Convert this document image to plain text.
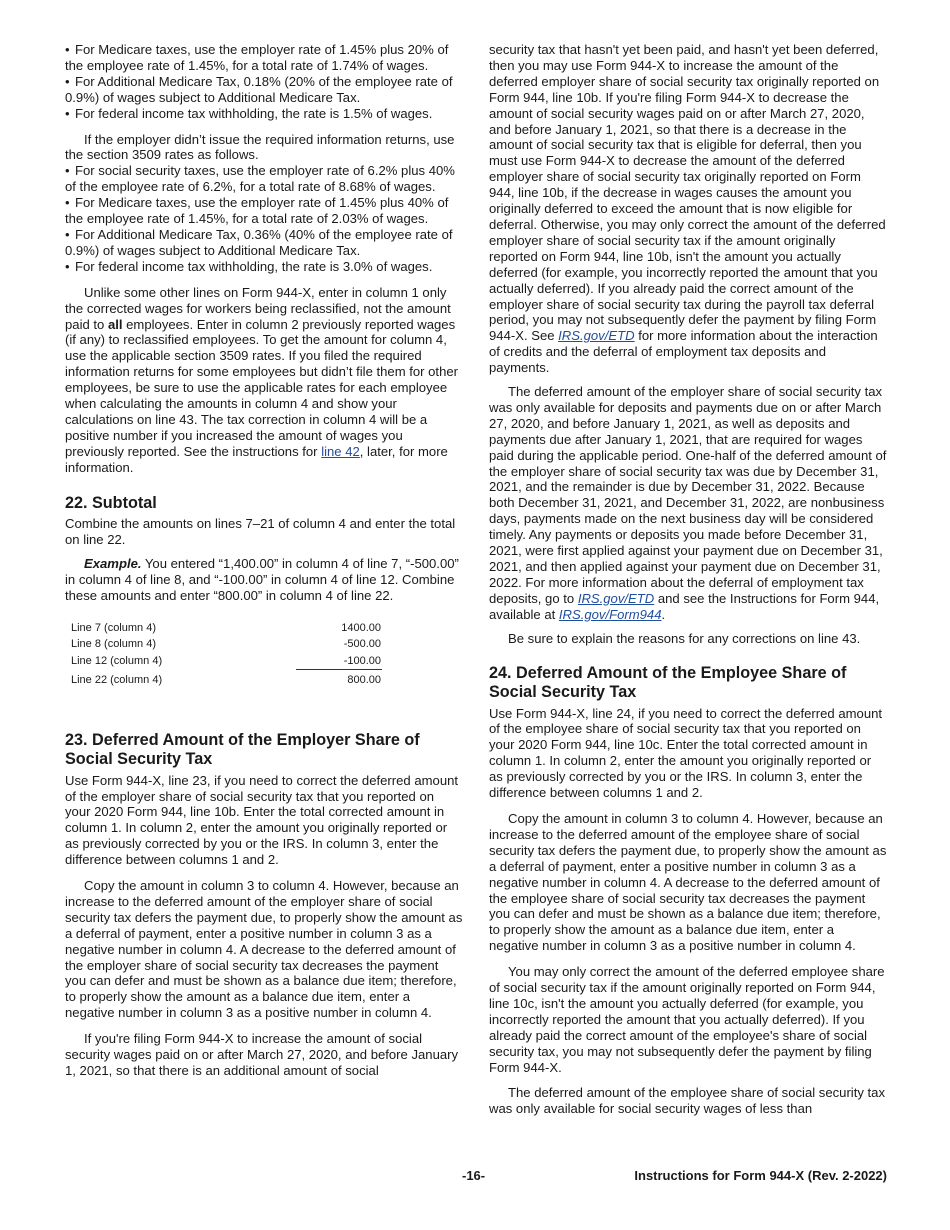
• For Medicare taxes, use the employer rate of 1.45% plus 20% of the employee rate of 1.45%, for a total rate of 1.74% of wages.

• For Additional Medicare Tax, 0.18% (20% of the employee rate of 0.9%) of wages subject to Additional Medicare Tax.

• For federal income tax withholding, the rate is 1.5% of wages.

If the employer didn’t issue the required information returns, use the section 3509 rates as follows.

• For social security taxes, use the employer rate of 6.2% plus 40% of the employee rate of 6.2%, for a total rate of 8.68% of wages.

• For Medicare taxes, use the employer rate of 1.45% plus 40% of the employee rate of 1.45%, for a total rate of 2.03% of wages.

• For Additional Medicare Tax, 0.36% (40% of the employee rate of 0.9%) of wages subject to Additional Medicare Tax.

• For federal income tax withholding, the rate is 3.0% of wages.

Unlike some other lines on Form 944-X, enter in column 1 only the corrected wages for workers being reclassified, not the amount paid to all employees. Enter in column 2 previously reported wages (if any) to reclassified employees. To get the amount for column 4, use the applicable section 3509 rates. If you filed the required information returns for some employees but didn’t file them for other employees, be sure to use the applicable rates for each employee when calculating the amounts in column 4 and show your calculations on line 43. The tax correction in column 4 will be a positive number if you increased the amount of wages you previously reported. See the instructions for line 42, later, for more information.

22. Subtotal

Combine the amounts on lines 7–21 of column 4 and enter the total on line 22.

Example. You entered “1,400.00” in column 4 of line 7, “-500.00” in column 4 of line 8, and “-100.00” in column 4 of line 12. Combine these amounts and enter “800.00” in column 4 of line 22.

Line 7 (column 4)	1400.00
Line 8 (column 4)	-500.00
Line 12 (column 4)	-100.00
Line 22 (column 4)	800.00
23. Deferred Amount of the Employer Share of Social Security Tax

Use Form 944-X, line 23, if you need to correct the deferred amount of the employer share of social security tax that you reported on your 2020 Form 944, line 10b. Enter the total corrected amount in column 1. In column 2, enter the amount you originally reported or as previously corrected by you or the IRS. In column 3, enter the difference between columns 1 and 2.

Copy the amount in column 3 to column 4. However, because an increase to the deferred amount of the employer share of social security tax defers the payment due, to properly show the amount as a deferral of payment, enter a positive number in column 3 as a negative number in column 4. A decrease to the deferred amount of the employer share of social security tax decreases the payment you can defer and must be shown as a balance due item; therefore, to properly show the amount as a balance due item, enter a negative number in column 3 as a positive number in column 4.

If you're filing Form 944-X to increase the amount of social security wages paid on or after March 27, 2020, and before January 1, 2021, so that there is an additional amount of social

security tax that hasn't yet been paid, and hasn't yet been deferred, then you may use Form 944-X to increase the amount of the deferred employer share of social security tax originally reported on Form 944, line 10b. If you're filing Form 944-X to decrease the amount of social security wages paid on or after March 27, 2020, and before January 1, 2021, so that there is a decrease in the amount of social security tax that is eligible for deferral, then you must use Form 944-X to decrease the amount of the deferred employer share of social security tax originally reported on Form 944, line 10b, if the decrease in wages causes the amount you originally deferred to exceed the amount that is now eligible for deferral. Otherwise, you may only correct the amount of the deferred employer share of social security tax if the amount originally reported on Form 944, line 10b, isn't the amount you actually deferred (for example, you incorrectly reported the amount that you actually deferred). If you already paid the correct amount of the employer share of social security tax during the payroll tax deferral period, you may not subsequently defer the payment by filing Form 944-X. See IRS.gov/ETD for more information about the interaction of credits and the deferral of employment tax deposits and payments.

The deferred amount of the employer share of social security tax was only available for deposits and payments due on or after March 27, 2020, and before January 1, 2021, as well as deposits and payments due after January 1, 2021, that are required for wages paid during the applicable period. One-half of the deferred amount of the employer share of social security tax was due by December 31, 2021, and the remainder is due by December 31, 2022. Because both December 31, 2021, and December 31, 2022, are nonbusiness days, payments made on the next business day will be considered timely. Any payments or deposits you made before December 31, 2021, were first applied against your payment due on December 31, 2021, and then applied against your payment due on December 31, 2022. For more information about the deferral of employment tax deposits, go to IRS.gov/ETD and see the Instructions for Form 944, available at IRS.gov/Form944.

Be sure to explain the reasons for any corrections on line 43.

24. Deferred Amount of the Employee Share of Social Security Tax

Use Form 944-X, line 24, if you need to correct the deferred amount of the employee share of social security tax that you reported on your 2020 Form 944, line 10c. Enter the total corrected amount in column 1. In column 2, enter the amount you originally reported or as previously corrected by you or the IRS. In column 3, enter the difference between columns 1 and 2.

Copy the amount in column 3 to column 4. However, because an increase to the deferred amount of the employee share of social security tax defers the payment due, to properly show the amount as a deferral of payment, enter a positive number in column 3 as a negative number in column 4. A decrease to the deferred amount of the employee share of social security tax decreases the payment you can defer and must be shown as a balance due item; therefore, to properly show the amount as a balance due item, enter a negative number in column 3 as a positive number in column 4.

You may only correct the amount of the deferred employee share of social security tax if the amount originally reported on Form 944, line 10c, isn't the amount you actually deferred (for example, you incorrectly reported the amount that you actually deferred). If you already paid the correct amount of the employee's share of social security tax, you may not subsequently defer the payment by filing Form 944-X.

The deferred amount of the employee share of social security tax was only available for social security wages of less than

-16-	Instructions for Form 944-X (Rev. 2-2022)
